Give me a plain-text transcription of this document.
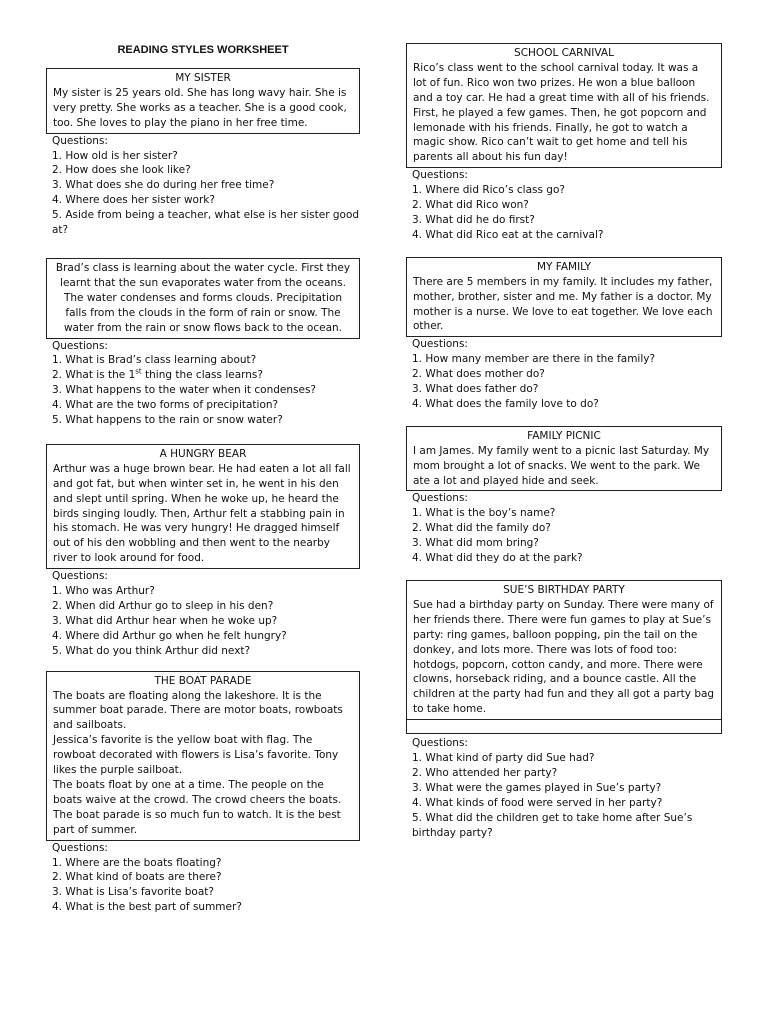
READING STYLES WORKSHEET
MY SISTER
My sister is 25 years old. She has long wavy hair. She is very pretty. She works as a teacher. She is a good cook, too. She loves to play the piano in her free time.
Questions:
1. How old is her sister?
2. How does she look like?
3. What does she do during her free time?
4. Where does her sister work?
5. Aside from being a teacher, what else is her sister good at?
Brad’s class is learning about the water cycle. First they learnt that the sun evaporates water from the oceans. The water condenses and forms clouds. Precipitation falls from the clouds in the form of rain or snow. The water from the rain or snow flows back to the ocean.
Questions:
1. What is Brad’s class learning about?
2. What is the 1st thing the class learns?
3. What happens to the water when it condenses?
4. What are the two forms of precipitation?
5. What happens to the rain or snow water?
A HUNGRY BEAR
Arthur was a huge brown bear. He had eaten a lot all fall and got fat, but when winter set in, he went in his den and slept until spring. When he woke up, he heard the birds singing loudly. Then, Arthur felt a stabbing pain in his stomach. He was very hungry! He dragged himself out of his den wobbling and then went to the nearby river to look around for food.
Questions:
1. Who was Arthur?
2. When did Arthur go to sleep in his den?
3. What did Arthur hear when he woke up?
4. Where did Arthur go when he felt hungry?
5. What do you think Arthur did next?
THE BOAT PARADE
The boats are floating along the lakeshore. It is the summer boat parade. There are motor boats, rowboats and sailboats.
Jessica’s favorite is the yellow boat with flag. The rowboat decorated with flowers is Lisa’s favorite. Tony likes the purple sailboat.
The boats float by one at a time. The people on the boats waive at the crowd. The crowd cheers the boats. The boat parade is so much fun to watch. It is the best part of summer.
Questions:
1. Where are the boats floating?
2. What kind of boats are there?
3. What is Lisa’s favorite boat?
4. What is the best part of summer?
SCHOOL CARNIVAL
Rico’s class went to the school carnival today. It was a lot of fun. Rico won two prizes. He won a blue balloon and a toy car. He had a great time with all of his friends. First, he played a few games. Then, he got popcorn and lemonade with his friends. Finally, he got to watch a magic show. Rico can’t wait to get home and tell his parents all about his fun day!
Questions:
1. Where did Rico’s class go?
2. What did Rico won?
3. What did he do first?
4. What did Rico eat at the carnival?
MY FAMILY
There are 5 members in my family. It includes my father, mother, brother, sister and me. My father is a doctor. My mother is a nurse. We love to eat together. We love each other.
Questions:
1. How many member are there in the family?
2. What does mother do?
3. What does father do?
4. What does the family love to do?
FAMILY PICNIC
I am James. My family went to a picnic last Saturday. My mom brought a lot of snacks. We went to the park. We ate a lot and played hide and seek.
Questions:
1. What is the boy’s name?
2. What did the family do?
3. What did mom bring?
4. What did they do at the park?
SUE’S BIRTHDAY PARTY
Sue had a birthday party on Sunday. There were many of her friends there. There were fun games to play at Sue’s party: ring games, balloon popping, pin the tail on the donkey, and lots more. There was lots of food too: hotdogs, popcorn, cotton candy, and more. There were clowns, horseback riding, and a bounce castle. All the children at the party had fun and they all got a party bag to take home.
Questions:
1. What kind of party did Sue had?
2. Who attended her party?
3. What were the games played in Sue’s party?
4. What kinds of food were served in her party?
5. What did the children get to take home after Sue’s birthday party?
